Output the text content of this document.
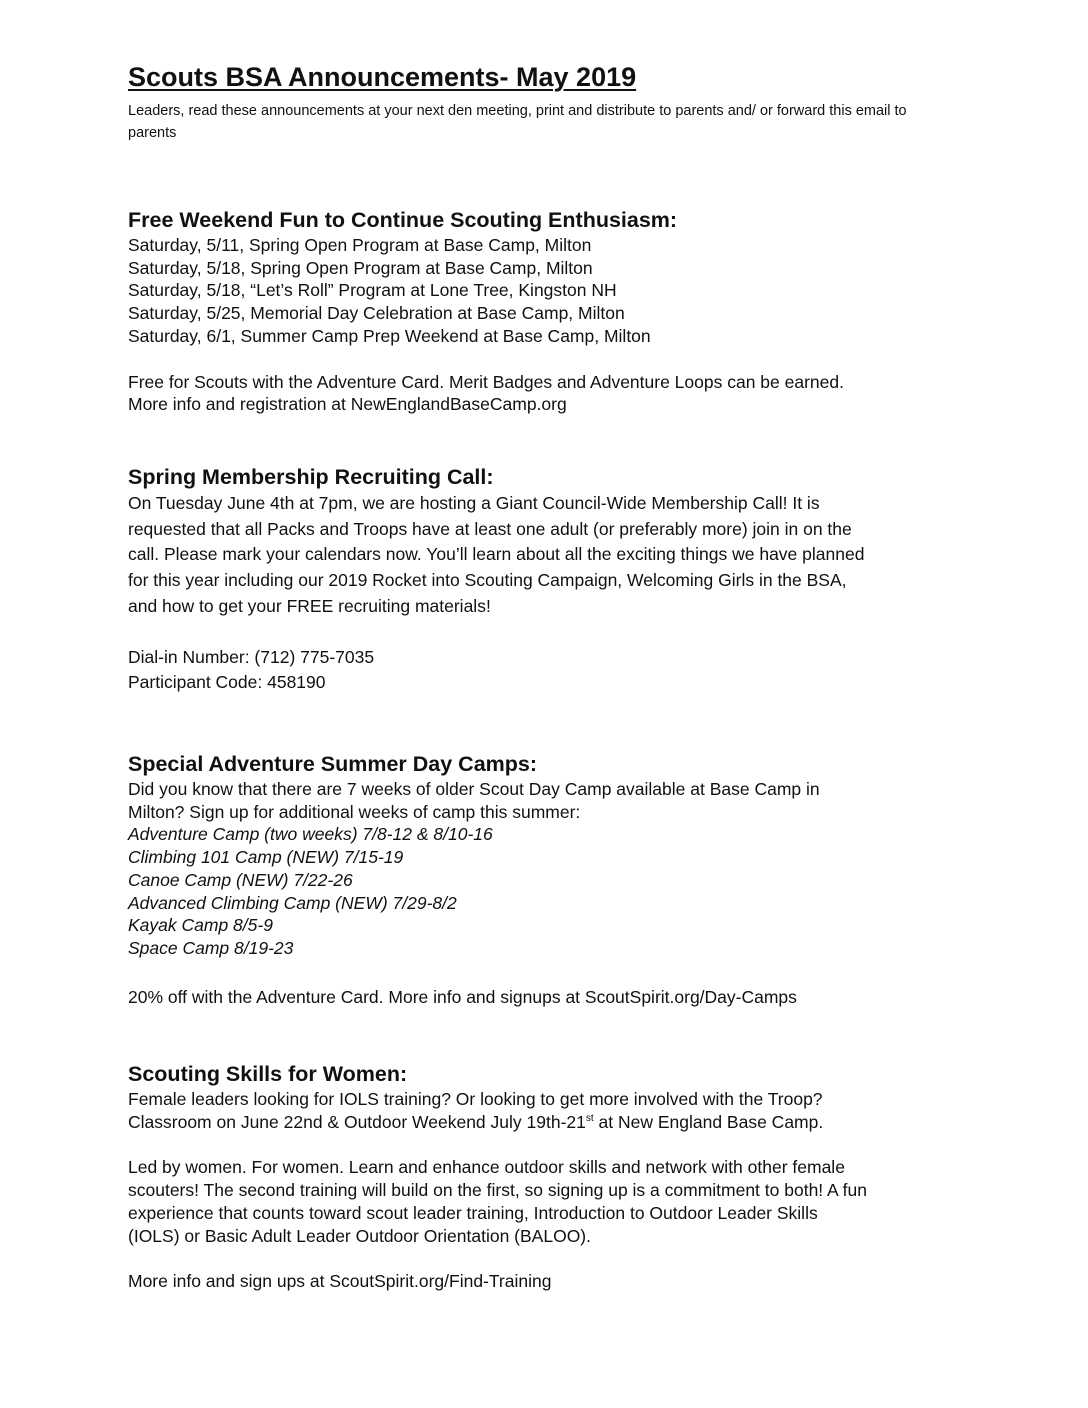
Scouts BSA Announcements- May 2019

Leaders, read these announcements at your next den meeting, print and distribute to parents and/ or forward this email to parents

Free Weekend Fun to Continue Scouting Enthusiasm:

Saturday, 5/11, Spring Open Program at Base Camp, Milton

Saturday, 5/18, Spring Open Program at Base Camp, Milton

Saturday, 5/18, “Let’s Roll” Program at Lone Tree, Kingston NH

Saturday, 5/25, Memorial Day Celebration at Base Camp, Milton

Saturday, 6/1, Summer Camp Prep Weekend at Base Camp, Milton

Free for Scouts with the Adventure Card. Merit Badges and Adventure Loops can be earned.

More info and registration at NewEnglandBaseCamp.org

Spring Membership Recruiting Call:

On Tuesday June 4th at 7pm, we are hosting a Giant Council-Wide Membership Call! It is

requested that all Packs and Troops have at least one adult (or preferably more) join in on the

call. Please mark your calendars now. You’ll learn about all the exciting things we have planned

for this year including our 2019 Rocket into Scouting Campaign, Welcoming Girls in the BSA,

and how to get your FREE recruiting materials!

Dial-in Number: (712) 775-7035

Participant Code: 458190

Special Adventure Summer Day Camps:

Did you know that there are 7 weeks of older Scout Day Camp available at Base Camp in

Milton? Sign up for additional weeks of camp this summer:

Adventure Camp (two weeks) 7/8-12 & 8/10-16

Climbing 101 Camp (NEW) 7/15-19

Canoe Camp (NEW) 7/22-26

Advanced Climbing Camp (NEW) 7/29-8/2

Kayak Camp 8/5-9

Space Camp 8/19-23

20% off with the Adventure Card. More info and signups at ScoutSpirit.org/Day-Camps

Scouting Skills for Women:

Female leaders looking for IOLS training? Or looking to get more involved with the Troop?

Classroom on June 22nd & Outdoor Weekend July 19th-21st at New England Base Camp.

Led by women. For women. Learn and enhance outdoor skills and network with other female

scouters! The second training will build on the first, so signing up is a commitment to both! A fun

experience that counts toward scout leader training, Introduction to Outdoor Leader Skills

(IOLS) or Basic Adult Leader Outdoor Orientation (BALOO).

More info and sign ups at ScoutSpirit.org/Find-Training
